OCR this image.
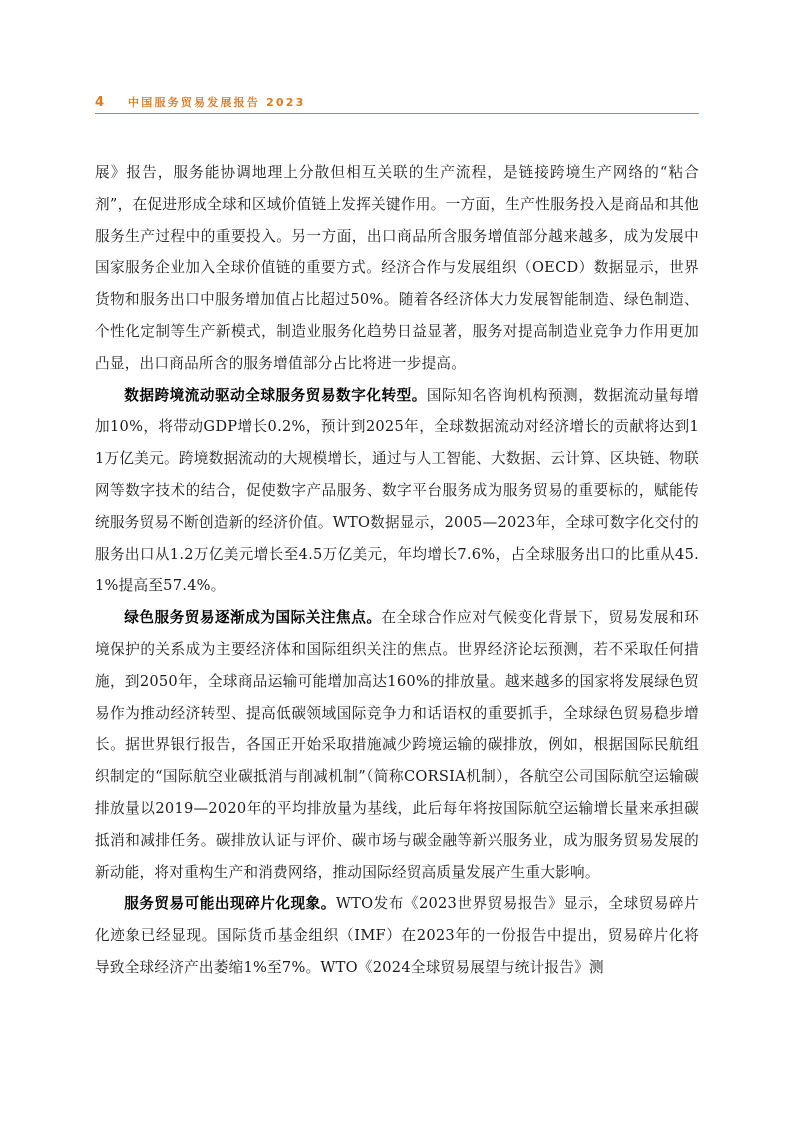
4 中国服务贸易发展报告 2023

展》报告，服务能协调地理上分散但相互关联的生产流程，是链接跨境生产网络的“粘合剂”，在促进形成全球和区域价值链上发挥关键作用。一方面，生产性服务投入是商品和其他服务生产过程中的重要投入。另一方面，出口商品所含服务增值部分越来越多，成为发展中国家服务企业加入全球价值链的重要方式。经济合作与发展组织（OECD）数据显示，世界货物和服务出口中服务增加值占比超过50%。随着各经济体大力发展智能制造、绿色制造、个性化定制等生产新模式，制造业服务化趋势日益显著，服务对提高制造业竞争力作用更加凸显，出口商品所含的服务增值部分占比将进一步提高。

数据跨境流动驱动全球服务贸易数字化转型。国际知名咨询机构预测，数据流动量每增加10%，将带动GDP增长0.2%，预计到2025年，全球数据流动对经济增长的贡献将达到11万亿美元。跨境数据流动的大规模增长，通过与人工智能、大数据、云计算、区块链、物联网等数字技术的结合，促使数字产品服务、数字平台服务成为服务贸易的重要标的，赋能传统服务贸易不断创造新的经济价值。WTO数据显示，2005—2023年，全球可数字化交付的服务出口从1.2万亿美元增长至4.5万亿美元，年均增长7.6%，占全球服务出口的比重从45.1%提高至57.4%。

绿色服务贸易逐渐成为国际关注焦点。在全球合作应对气候变化背景下，贸易发展和环境保护的关系成为主要经济体和国际组织关注的焦点。世界经济论坛预测，若不采取任何措施，到2050年，全球商品运输可能增加高达160%的排放量。越来越多的国家将发展绿色贸易作为推动经济转型、提高低碳领域国际竞争力和话语权的重要抓手，全球绿色贸易稳步增长。据世界银行报告，各国正开始采取措施减少跨境运输的碳排放，例如，根据国际民航组织制定的“国际航空业碳抵消与削减机制”（简称CORSIA机制），各航空公司国际航空运输碳排放量以2019—2020年的平均排放量为基线，此后每年将按国际航空运输增长量来承担碳抵消和减排任务。碳排放认证与评价、碳市场与碳金融等新兴服务业，成为服务贸易发展的新动能，将对重构生产和消费网络，推动国际经贸高质量发展产生重大影响。

服务贸易可能出现碎片化现象。WTO发布《2023世界贸易报告》显示，全球贸易碎片化迹象已经显现。国际货币基金组织（IMF）在2023年的一份报告中提出，贸易碎片化将导致全球经济产出萎缩1%至7%。WTO《2024全球贸易展望与统计报告》测
